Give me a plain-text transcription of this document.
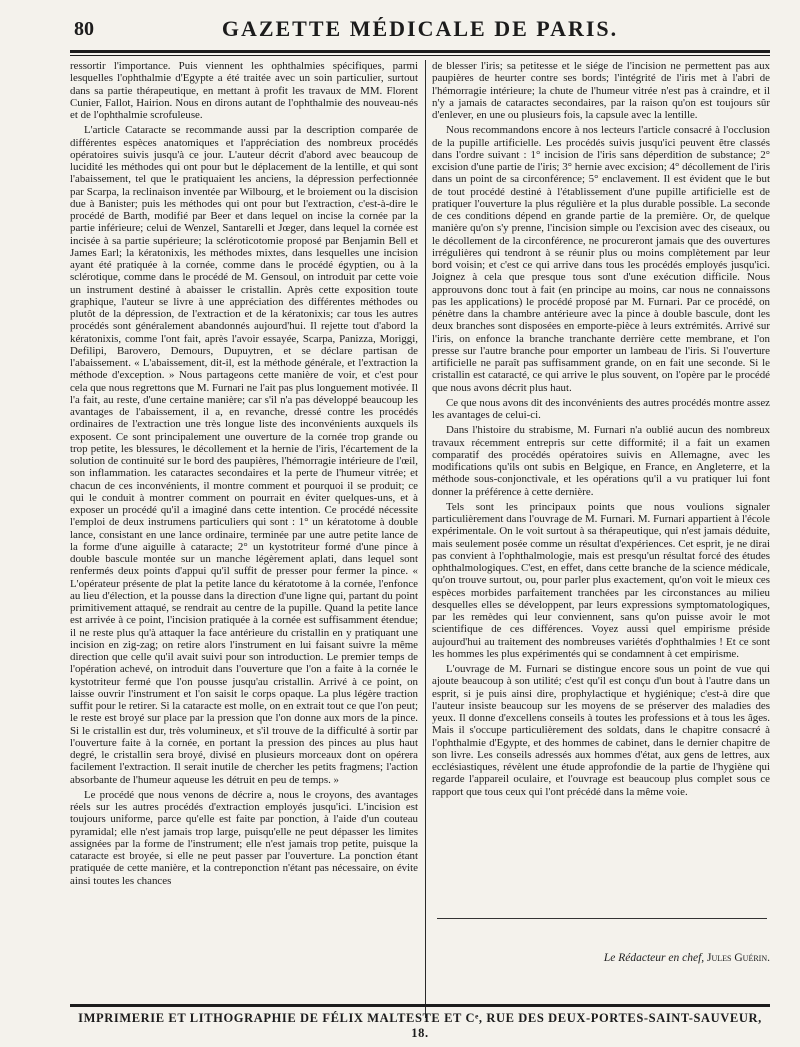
80	GAZETTE MÉDICALE DE PARIS.

ressortir l'importance. Puis viennent les ophthalmies spécifiques, parmi lesquelles l'ophthalmie d'Egypte a été traitée avec un soin particulier, surtout dans sa partie thérapeutique, en mettant à profit les travaux de MM. Florent Cunier, Fallot, Hairion. Nous en dirons autant de l'ophthalmie des nouveau-nés et de l'ophthalmie scrofuleuse.

L'article Cataracte se recommande aussi par la description comparée de différentes espèces anatomiques et l'appréciation des nombreux procédés opératoires suivis jusqu'à ce jour. L'auteur décrit d'abord avec beaucoup de lucidité les méthodes qui ont pour but le déplacement de la lentille, et qui sont l'abaissement, tel que le pratiquaient les anciens, la dépression perfectionnée par Scarpa, la reclinaison inventée par Wilbourg, et le broiement ou la discision due à Banister; puis les méthodes qui ont pour but l'extraction, c'est-à-dire le procédé de Barth, modifié par Beer et dans lequel on incise la cornée par la partie inférieure; celui de Wenzel, Santarelli et Jœger, dans lequel la cornée est incisée à sa partie supérieure; la scléroticotomie proposé par Benjamin Bell et James Earl; la kératonixis, les méthodes mixtes, dans lesquelles une incision ayant été pratiquée à la cornée, comme dans le procédé égyptien, ou à la sclérotique, comme dans le procédé de M. Gensoul, on introduit par cette voie un instrument destiné à abaisser le cristallin. Après cette exposition toute graphique, l'auteur se livre à une appréciation des différentes méthodes ou plutôt de la dépression, de l'extraction et de la kératonixis; car tous les autres procédés sont généralement abandonnés aujourd'hui. Il rejette tout d'abord la kératonixis, comme l'ont fait, après l'avoir essayée, Scarpa, Panizza, Moriggi, Defilipi, Barovero, Demours, Dupuytren, et se déclare partisan de l'abaissement. « L'abaissement, dit-il, est la méthode générale, et l'extraction la méthode d'exception. » Nous partageons cette manière de voir, et c'est pour cela que nous regrettons que M. Furnari ne l'ait pas plus longuement motivée. Il l'a fait, au reste, d'une certaine manière; car s'il n'a pas développé beaucoup les avantages de l'abaissement, il a, en revanche, dressé contre les procédés ordinaires de l'extraction une très longue liste des inconvénients auxquels ils exposent. Ce sont principalement une ouverture de la cornée trop grande ou trop petite, les blessures, le décollement et la hernie de l'iris, l'écartement de la solution de continuité sur le bord des paupières, l'hémorragie intérieure de l'œil, son inflammation. les cataractes secondaires et la perte de l'humeur vitrée; et chacun de ces inconvénients, il montre comment et pourquoi il se produit; ce qui le conduit à montrer comment on pourrait en éviter quelques-uns, et à exposer un procédé qu'il a imaginé dans cette intention. Ce procédé nécessite l'emploi de deux instrumens particuliers qui sont : 1° un kératotome à double lance, consistant en une lance ordinaire, terminée par une autre petite lance de la forme d'une aiguille à cataracte; 2° un kystotriteur formé d'une pince à double bascule montée sur un manche légèrement aplati, dans lequel sont renfermés deux points d'appui qu'il suffit de presser pour fermer la pince. « L'opérateur présente de plat la petite lance du kératotome à la cornée, l'enfonce au lieu d'élection, et la pousse dans la direction d'une ligne qui, partant du point primitivement attaqué, se rendrait au centre de la pupille. Quand la petite lance est arrivée à ce point, l'incision pratiquée à la cornée est suffisamment étendue; il ne reste plus qu'à attaquer la face antérieure du cristallin en y pratiquant une incision en zig-zag; on retire alors l'instrument en lui faisant suivre la même direction que celle qu'il avait suivi pour son introduction. Le premier temps de l'opération achevé, on introduit dans l'ouverture que l'on a faite à la cornée le kystotriteur fermé que l'on pousse jusqu'au cristallin. Arrivé à ce point, on laisse ouvrir l'instrument et l'on saisit le corps opaque. La plus légère traction suffit pour le retirer. Si la cataracte est molle, on en extrait tout ce que l'on peut; le reste est broyé sur place par la pression que l'on donne aux mors de la pince. Si le cristallin est dur, très volumineux, et s'il trouve de la difficulté à sortir par l'ouverture faite à la cornée, en portant la pression des pinces au plus haut degré, le cristallin sera broyé, divisé en plusieurs morceaux dont on opérera facilement l'extraction. Il serait inutile de chercher les petits fragmens; l'action absorbante de l'humeur aqueuse les détruit en peu de temps. »

Le procédé que nous venons de décrire a, nous le croyons, des avantages réels sur les autres procédés d'extraction employés jusqu'ici. L'incision est toujours uniforme, parce qu'elle est faite par ponction, à l'aide d'un couteau pyramidal; elle n'est jamais trop large, puisqu'elle ne peut dépasser les limites assignées par la forme de l'instrument; elle n'est jamais trop petite, puisque la cataracte est broyée, si elle ne peut passer par l'ouverture. La ponction étant pratiquée de cette manière, et la contreponction n'étant pas nécessaire, on évite ainsi toutes les chances

de blesser l'iris; sa petitesse et le siége de l'incision ne permettent pas aux paupières de heurter contre ses bords; l'intégrité de l'iris met à l'abri de l'hémorragie intérieure; la chute de l'humeur vitrée n'est pas à craindre, et il n'y a jamais de cataractes secondaires, par la raison qu'on est toujours sûr d'enlever, en une ou plusieurs fois, la capsule avec la lentille.

Nous recommandons encore à nos lecteurs l'article consacré à l'occlusion de la pupille artificielle. Les procédés suivis jusqu'ici peuvent être classés dans l'ordre suivant : 1° incision de l'iris sans déperdition de substance; 2° excision d'une partie de l'iris; 3° hernie avec excision; 4° décollement de l'iris dans un point de sa circonférence; 5° enclavement. Il est évident que le but de tout procédé destiné à l'établissement d'une pupille artificielle est de pratiquer l'ouverture la plus régulière et la plus durable possible. La seconde de ces conditions dépend en grande partie de la première. Or, de quelque manière qu'on s'y prenne, l'incision simple ou l'excision avec des ciseaux, ou le décollement de la circonférence, ne procureront jamais que des ouvertures irrégulières qui tendront à se réunir plus ou moins complètement par leur bord voisin; et c'est ce qui arrive dans tous les procédés employés jusqu'ici. Joignez à cela que presque tous sont d'une exécution difficile. Nous approuvons donc tout à fait (en principe au moins, car nous ne connaissons pas les applications) le procédé proposé par M. Furnari. Par ce procédé, on pénètre dans la chambre antérieure avec la pince à double bascule, dont les deux branches sont disposées en emporte-pièce à leurs extrémités. Arrivé sur l'iris, on enfonce la branche tranchante derrière cette membrane, et l'on presse sur l'autre branche pour emporter un lambeau de l'iris. Si l'ouverture artificielle ne paraît pas suffisamment grande, on en fait une seconde. Si le cristallin est cataracté, ce qui arrive le plus souvent, on l'opère par le procédé que nous avons décrit plus haut.

Ce que nous avons dit des inconvénients des autres procédés montre assez les avantages de celui-ci.

Dans l'histoire du strabisme, M. Furnari n'a oublié aucun des nombreux travaux récemment entrepris sur cette difformité; il a fait un examen comparatif des procédés opératoires suivis en Allemagne, avec les modifications qu'ils ont subis en Belgique, en France, en Angleterre, et la méthode sous-conjonctivale, et les opérations qu'il a vu pratiquer lui font donner la préférence à cette dernière.

Tels sont les principaux points que nous voulions signaler particulièrement dans l'ouvrage de M. Furnari. M. Furnari appartient à l'école expérimentale. On le voit surtout à sa thérapeutique, qui n'est jamais déduite, mais seulement posée comme un résultat d'expériences. Cet esprit, je ne dirai pas convient à l'ophthalmologie, mais est presqu'un résultat forcé des études ophthalmologiques. C'est, en effet, dans cette branche de la science médicale, qu'on trouve surtout, ou, pour parler plus exactement, qu'on voit le mieux ces espèces morbides parfaitement tranchées par les circonstances au milieu desquelles elles se développent, par leurs expressions symptomatologiques, par les remèdes qui leur conviennent, sans qu'on puisse avoir le mot scientifique de ces différences. Voyez aussi quel empirisme préside aujourd'hui au traitement des nombreuses variétés d'ophthalmies ! Et ce sont les hommes les plus expérimentés qui se condamnent à cet empirisme.

L'ouvrage de M. Furnari se distingue encore sous un point de vue qui ajoute beaucoup à son utilité; c'est qu'il est conçu d'un bout à l'autre dans un esprit, si je puis ainsi dire, prophylactique et hygiénique; c'est-à dire que l'auteur insiste beaucoup sur les moyens de se préserver des maladies des yeux. Il donne d'excellens conseils à toutes les professions et à tous les âges. Mais il s'occupe particulièrement des soldats, dans le chapitre consacré à l'ophthalmie d'Egypte, et des hommes de cabinet, dans le dernier chapitre de son livre. Les conseils adressés aux hommes d'état, aux gens de lettres, aux ecclésiastiques, révèlent une étude approfondie de la partie de l'hygiène qui regarde l'appareil oculaire, et l'ouvrage est beaucoup plus complet sous ce rapport que tous ceux qui l'ont précédé dans la même voie.

Le Rédacteur en chef, Jules Guérin.
IMPRIMERIE ET LITHOGRAPHIE DE FÉLIX MALTESTE ET Cᵉ, RUE DES DEUX-PORTES-SAINT-SAUVEUR, 18.
